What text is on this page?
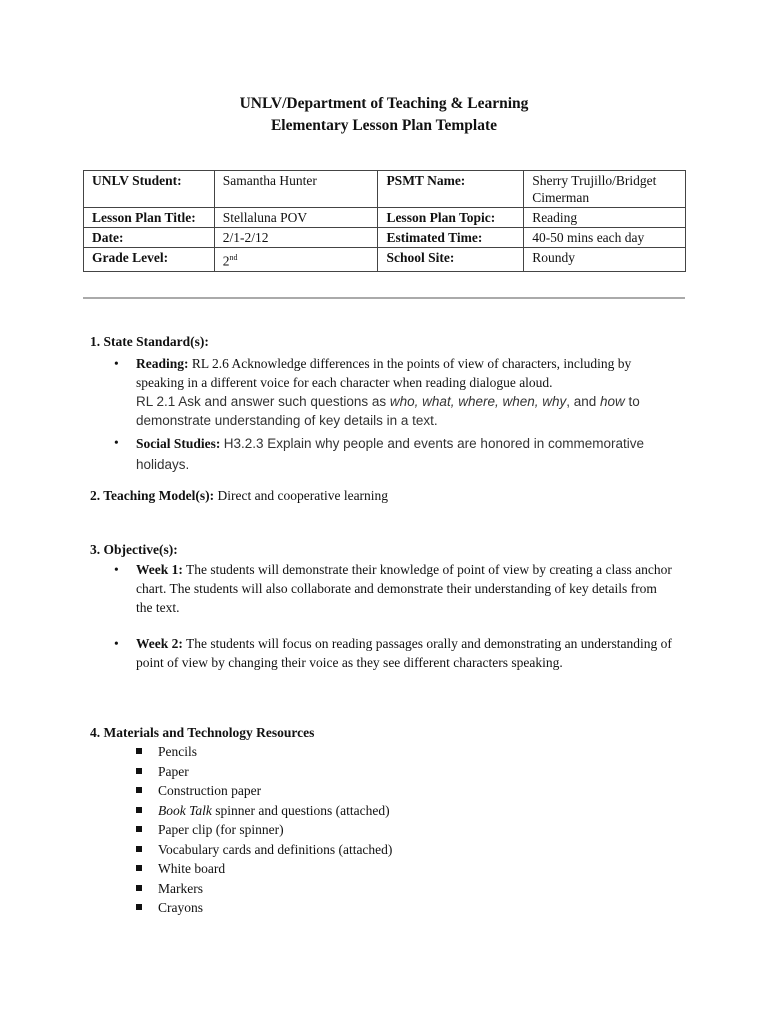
UNLV/Department of Teaching & Learning
Elementary Lesson Plan Template
UNLV Student:	Samantha Hunter	PSMT Name:	Sherry Trujillo/Bridget Cimerman
Lesson Plan Title:	Stellaluna POV	Lesson Plan Topic:	Reading
Date:	2/1-2/12	Estimated Time:	40-50 mins each day
Grade Level:	2nd	School Site:	Roundy
1. State Standard(s):
• Reading: RL 2.6 Acknowledge differences in the points of view of characters, including by speaking in a different voice for each character when reading dialogue aloud.
RL 2.1 Ask and answer such questions as who, what, where, when, why, and how to demonstrate understanding of key details in a text.
• Social Studies: H3.2.3 Explain why people and events are honored in commemorative holidays.
2. Teaching Model(s): Direct and cooperative learning
3. Objective(s):
• Week 1: The students will demonstrate their knowledge of point of view by creating a class anchor chart. The students will also collaborate and demonstrate their understanding of key details from the text.
• Week 2: The students will focus on reading passages orally and demonstrating an understanding of point of view by changing their voice as they see different characters speaking.
4. Materials and Technology Resources
Pencils
Paper
Construction paper
Book Talk spinner and questions (attached)
Paper clip (for spinner)
Vocabulary cards and definitions (attached)
White board
Markers
Crayons
